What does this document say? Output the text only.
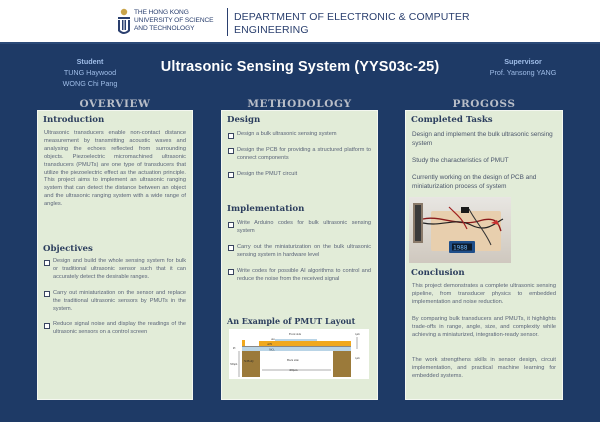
THE HONG KONG
UNIVERSITY OF SCIENCE
AND TECHNOLOGY
DEPARTMENT OF ELECTRONIC & COMPUTER
ENGINEERING
Student
TUNG Haywood
WONG Chi Pang
Ultrasonic Sensing System (YYS03c-25)	Supervisor
Prof. Yansong YANG
OVERVIEW	METHODOLOGY	PROGOSS
Introduction
Ultrasonic transducers enable non-contact distance measurement by transmitting acoustic waves and analysing the echoes reflected from surrounding objects. Piezoelectric micromachined ultrasonic transducers (PMUTs) are one type of transducers that utilize the piezoelectric effect as the actuation principle. This project aims to implement an ultrasonic ranging system that can detect the distance between an object and the ultrasonic ranging system with a wide range of angles.
Objectives
Design and build the whole sensing system for bulk or traditional ultrasonic sensor such that it can accurately detect the desirable ranges.
Carry out miniaturization on the sensor and replace the traditional ultrasonic sensors by PMUTs in the system.
Reduce signal noise and display the readings of the ultrasonic sensors on a control screen
Design
Design a bulk ultrasonic sensing system
Design the PCB for providing a structured platform to connect components
Design the PMUT circuit
Implementation
Write Arduino codes for bulk ultrasonic sensing system
Carry out the miniaturization on the bulk ultrasonic sensing system in hardware level
Write codes for possible AI algorithms to control and reduce the noise from the received signal
An Example of PMUT Layout
Front side
Au
AlN
Pt	SiO₂
Si Body	Back side
400μm
500μm
1μm
1μm
Completed Tasks
Design and implement the bulk ultrasonic sensing system
Study the characteristics of PMUT
Currently working on the design of PCB and miniaturization process of system
1988
Conclusion
This project demonstrates a complete ultrasonic sensing pipeline, from transducer physics to embedded implementation and noise reduction.
By comparing bulk transducers and PMUTs, it highlights trade-offs in range, angle, size, and complexity while achieving a miniaturized, integration-ready sensor.
The work strengthens skills in sensor design, circuit implementation, and practical machine learning for embedded systems.
